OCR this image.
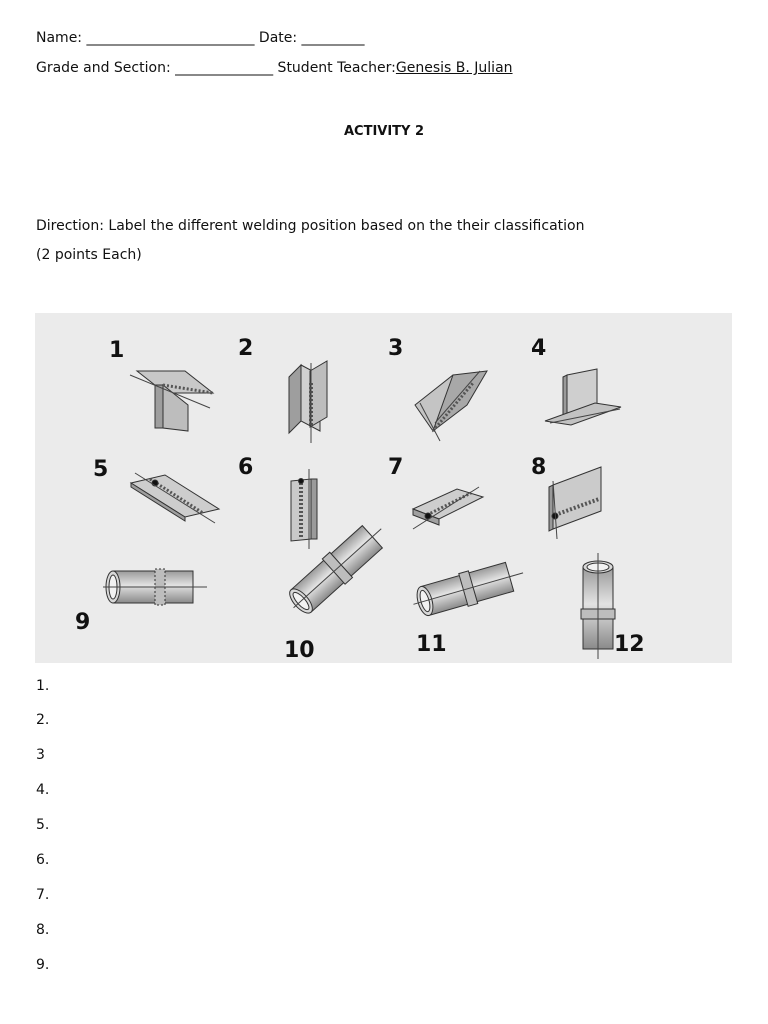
Name: ________________________ Date: _________
Grade and Section: ______________ Student Teacher:Genesis B. Julian
ACTIVITY 2
Direction: Label the different welding position based on the their classification
(2 points Each)
1	2	3	4
5	6	7	8
9
10	11	12
1.
2.
3
4.
5.
6.
7.
8.
9.
